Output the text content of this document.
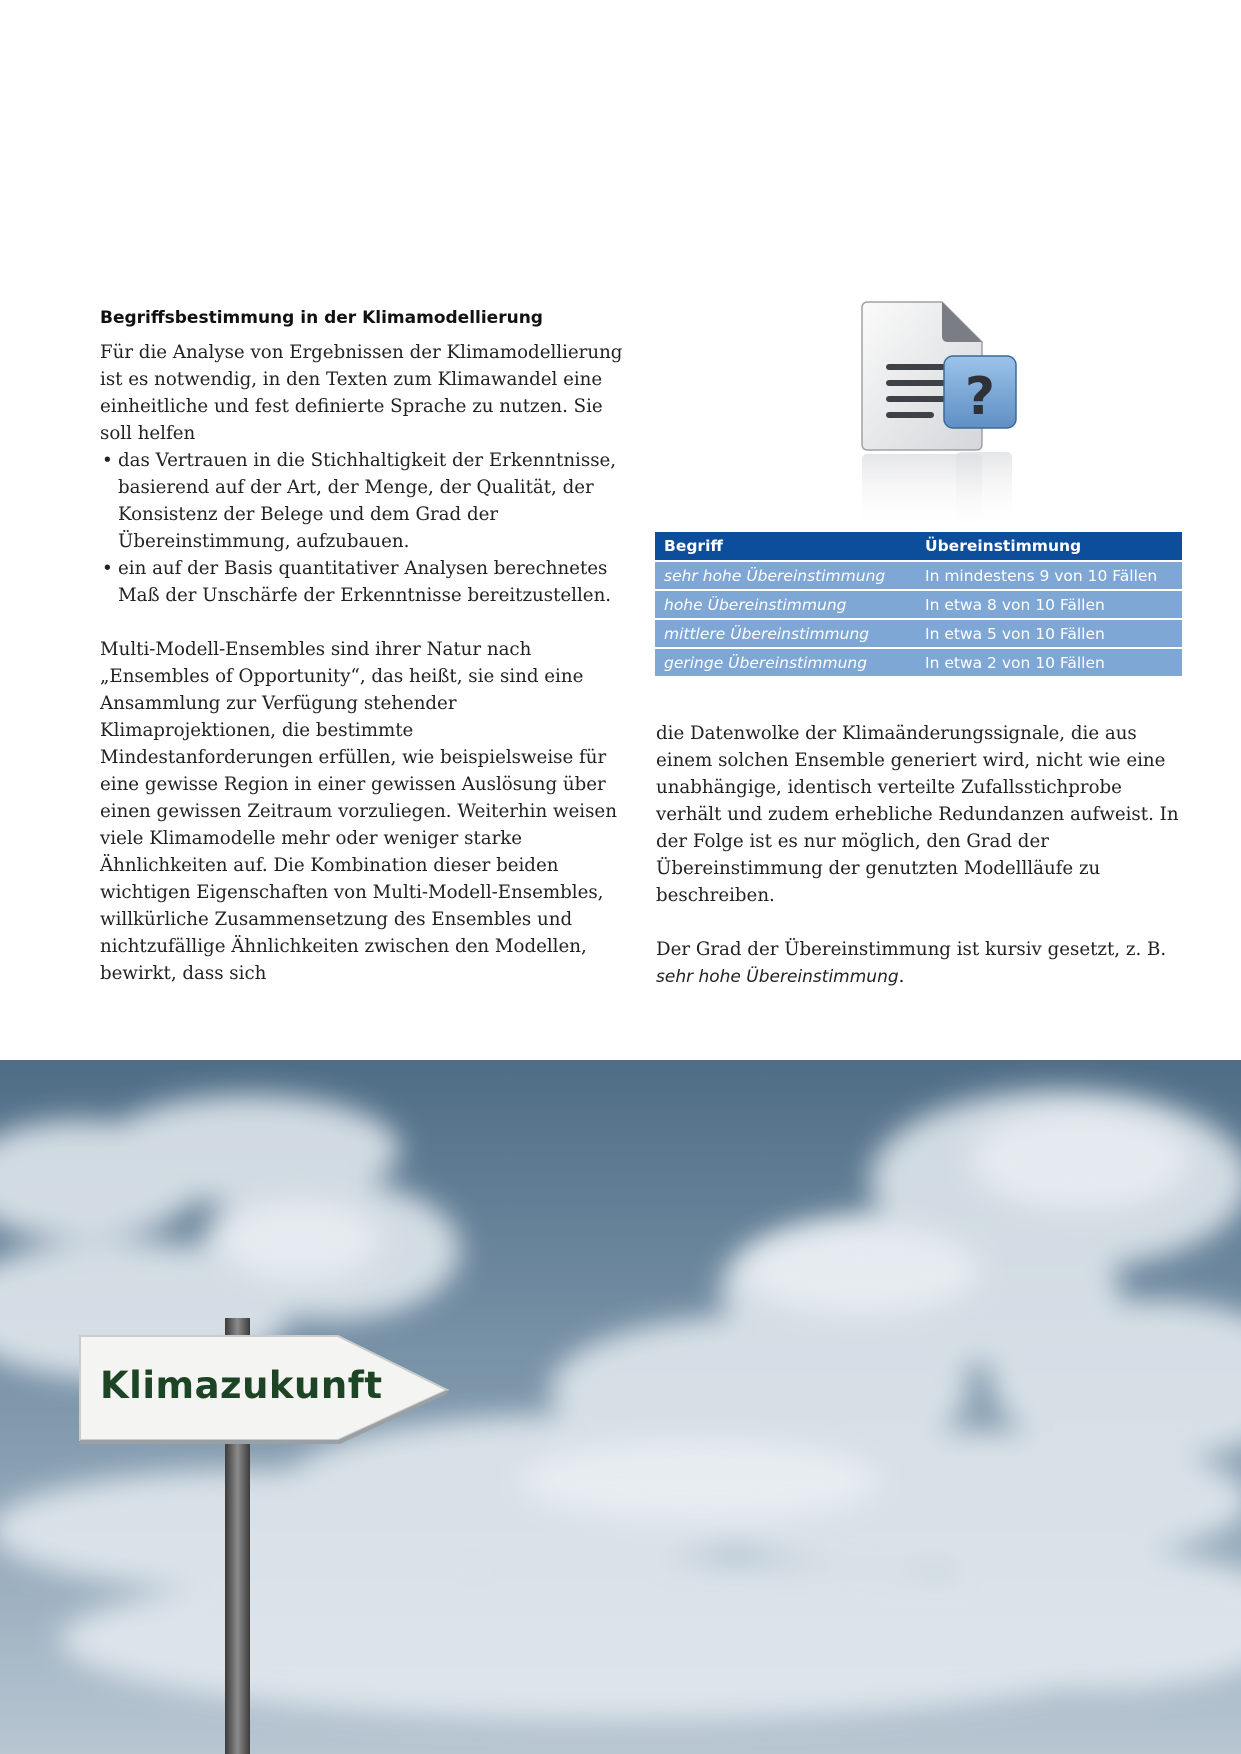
Begriffsbestimmung in der Klimamodellierung

Für die Analyse von Ergebnissen der Klimamodellierung ist es notwendig, in den Texten zum Klimawandel eine einheitliche und fest definierte Sprache zu nutzen. Sie soll helfen

• das Vertrauen in die Stichhaltigkeit der Erkenntnisse, basierend auf der Art, der Menge, der Qualität, der Konsistenz der Belege und dem Grad der Übereinstimmung, aufzubauen.
• ein auf der Basis quantitativer Analysen berechnetes Maß der Unschärfe der Erkenntnisse bereitzustellen.

Multi-Modell-Ensembles sind ihrer Natur nach „Ensembles of Opportunity“, das heißt, sie sind eine Ansammlung zur Verfügung stehender Klimaprojektionen, die bestimmte Mindestanforderungen erfüllen, wie beispielsweise für eine gewisse Region in einer gewissen Auslösung über einen gewissen Zeitraum vorzuliegen. Weiterhin weisen viele Klimamodelle mehr oder weniger starke Ähnlichkeiten auf. Die Kombination dieser beiden wichtigen Eigenschaften von Multi-Modell-Ensembles, willkürliche Zusammensetzung des Ensembles und nichtzufällige Ähnlichkeiten zwischen den Modellen, bewirkt, dass sich

?
Begriff	Übereinstimmung
sehr hohe Übereinstimmung	In mindestens 9 von 10 Fällen
hohe Übereinstimmung	In etwa 8 von 10 Fällen
mittlere Übereinstimmung	In etwa 5 von 10 Fällen
geringe Übereinstimmung	In etwa 2 von 10 Fällen

die Datenwolke der Klimaänderungssignale, die aus einem solchen Ensemble generiert wird, nicht wie eine unabhängige, identisch verteilte Zufallsstichprobe verhält und zudem erhebliche Redundanzen aufweist. In der Folge ist es nur möglich, den Grad der Übereinstimmung der genutzten Modellläufe zu beschreiben.

Der Grad der Übereinstimmung ist kursiv gesetzt, z. B. sehr hohe Übereinstimmung.

Klimazukunft
